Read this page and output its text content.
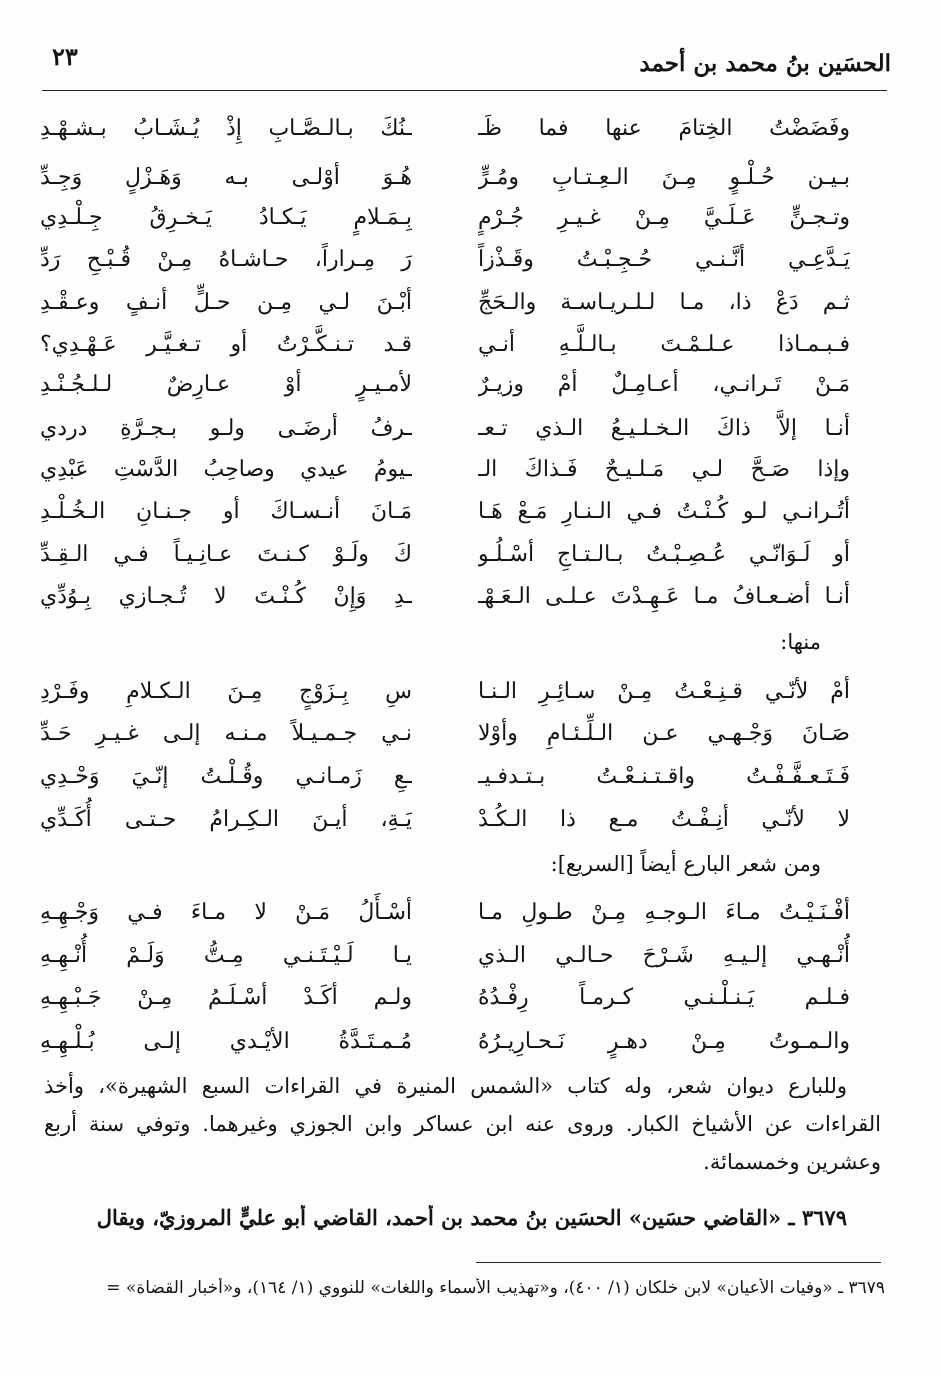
الحسَين بنُ محمد بن أحمد
٢٣
وفَضَضْتُ الخِتامَ عنها فما ظَـ
ـنُكَ بـالـصَّـابِ إِذْ يُـشَـابُ بـشـهْـدِ
بـيـن حُـلْـوٍ مِـنَ الـعِـتـابِ ومُـرٍّ
هُـوَ أوْلـى بـه وَهَـزْلٍ وَجِـدِّ
وتـجـنٍّ عَـلَـيَّ مِـنْ غـيـرِ جُـرْمٍ
بِـمَـلامٍ يَـكـادُ يَـخـرِقُ جِـلْـدِي
يَـدَّعِـي أنَّـنـي حُـجِـبْـتُ وقَـذْزاً
رَ مِـراراً، حـاشـاهُ مِـنْ قُـبْـحِ رَدِّ
ثـم دَعْ ذا، مـا لـلـريـاسـة والـحَجِّ
أبْـنَ لـي مِـن حـلٍّ أنـفٍ وعـقْـدِ
فـبـمـاذا عـلـمْـتَ بـالـلَّـهِ أنـي
قـد تـنـكَّـرْتُ أو تـغـيَّـر عَـهْـدِي؟
مَـنْ تَـرانـي، أعـامِـلٌ أمْ وزيـرٌ
لأمـيـرٍ أوْ عـارِضٌ لـلـجُـنْـدِ
أنـا إلاَّ ذاكَ الـخـلـيـعُ الـذي تـعـ
ـرفُ أرضَـى ولـو بـجـرَّةِ دردي
وإذا صَـحَّ لـي مَـلـيـحٌ فَـذاكَ الـ
ـيومُ عيدي وصاحِبُ الدَّسْتِ عَبْدِي
أتُـرانـي لـو كُـنْـتُ فـي الـنـارِ مَـعْ هَـا
مَـانَ أنـسـاكَ أو جـنـانِ الـخُـلْـدِ
أو لَـوَانّـي عُـصِـبْـتُ بـالـتـاجِ أسْـلُـو
كَ ولَـوْ كـنـتَ عـانِـيـاً فـي الـقِـدِّ
أنـا أضـعـافُ مـا عَـهِـدْتَ عـلـى الـعَـهْـ
ـدِ وَإِنْ كُـنْـتَ لا تُـجـازي بِـوُدِّي
منها:
أمْ لأنّـي قـنِـعْـتُ مِـنْ سـائِـرِ الـنـا
سِ بِـزَوْجٍ مِـنَ الـكـلامِ وفَـرْدِ
صَـانَ وَجْـهـي عـن الـلِّـئـامِ وأوْلا
نـي جـمـيـلاً مـنـه إلـى غـيـرِ حَـدِّ
فَـتَـعـفَّـفْـتُ واقـتـنـعْـتُ بـتـدفـيـ
ـعِ زَمـانـي وقُـلْـتُ إنّـيَ وَحْـدِي
لا لأنّـي أنِـفْـتُ مـع ذا الـكُـدْ
يَـةِ، أيـنَ الـكِـرامُ حـتـى أُكَـدِّي
ومن شعر البارع أيضاً [السريع]:
أفْـنَـيْـتُ مـاءَ الـوجـهِ مِـنْ طـولِ مـا
أسْـأَلُ مَـنْ لا مـاءَ فـي وَجْـهِـهِ
أُنْـهـي إلـيـهِ شَـرْحَ حـالـي الـذي
يـا لَـيْـتَـنـي مِـتُّ وَلَـمْ أُنْـهِـهِ
فـلـم يَـنـلْـنـي كـرمـاً رِفْـدُهُ
ولـم أكَـدْ أسْـلَـمُ مِـنْ جَـبْـهِـهِ
والـمـوتُ مِـنْ دهـرٍ نَـحـارِيـرُهُ
مُـمـتَـدَّةُ الأيْـدي إلـى بُـلْـهِـهِ

وللبارع ديوان شعر، وله كتاب «الشمس المنيرة في القراءات السبع الشهيرة»، وأخذ

القراءات عن الأشياخ الكبار. وروى عنه ابن عساكر وابن الجوزي وغيرهما. وتوفي سنة أربع

وعشرين وخمسمائة.

٣٦٧٩ ـ «القاضي حسَين» الحسَين بنُ محمد بن أحمد، القاضي أبو عليٍّ المروزيّ، ويقال
٣٦٧٩ ـ «وفيات الأعيان» لابن خلكان (١/ ٤٠٠)، و«تهذيب الأسماء واللغات» للنووي (١/ ١٦٤)، و«أخبار القضاة» =
